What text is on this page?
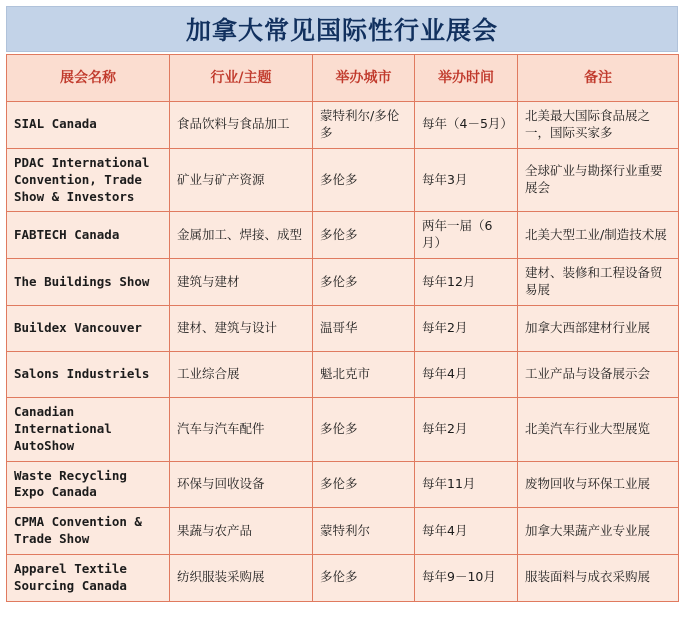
加拿大常见国际性行业展会
展会名称	行业/主题	举办城市	举办时间	备注
SIAL Canada	食品饮料与食品加工	蒙特利尔/多伦多	每年（4－5月）	北美最大国际食品展之一，国际买家多
PDAC International Convention, Trade Show & Investors	矿业与矿产资源	多伦多	每年3月	全球矿业与勘探行业重要展会
FABTECH Canada	金属加工、焊接、成型	多伦多	两年一届（6月）	北美大型工业/制造技术展
The Buildings Show	建筑与建材	多伦多	每年12月	建材、装修和工程设备贸易展
Buildex Vancouver	建材、建筑与设计	温哥华	每年2月	加拿大西部建材行业展
Salons Industriels	工业综合展	魁北克市	每年4月	工业产品与设备展示会
Canadian International AutoShow	汽车与汽车配件	多伦多	每年2月	北美汽车行业大型展览
Waste Recycling Expo Canada	环保与回收设备	多伦多	每年11月	废物回收与环保工业展
CPMA Convention & Trade Show	果蔬与农产品	蒙特利尔	每年4月	加拿大果蔬产业专业展
Apparel Textile Sourcing Canada	纺织服装采购展	多伦多	每年9－10月	服装面料与成衣采购展
